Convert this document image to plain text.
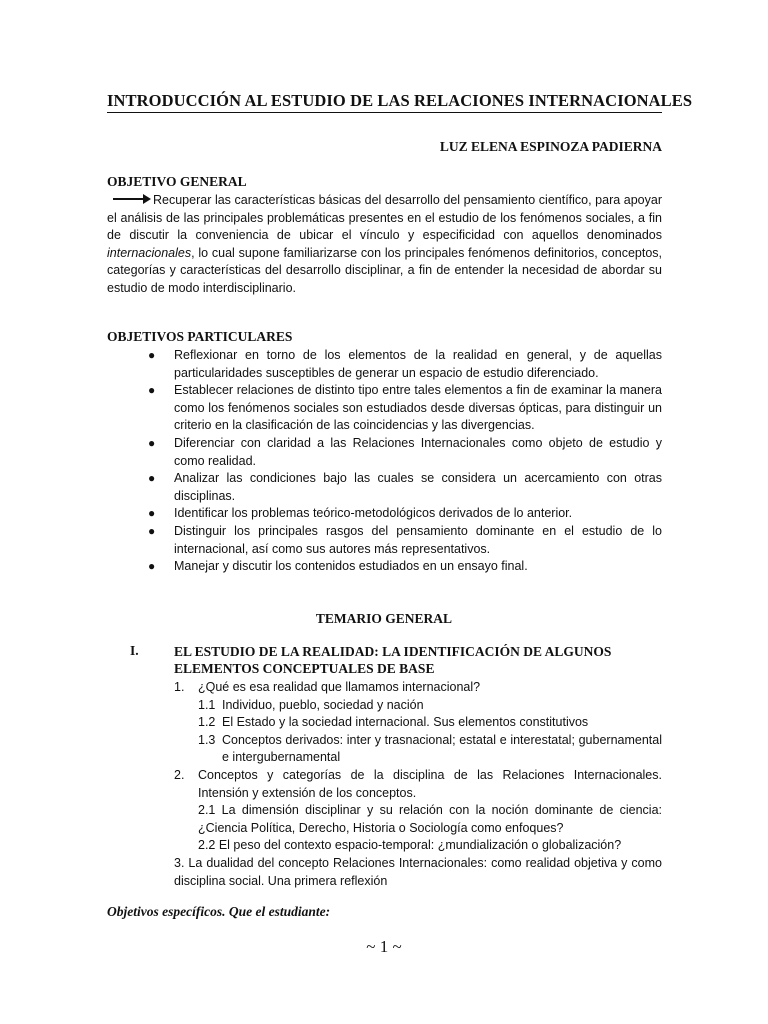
INTRODUCCIÓN AL ESTUDIO DE LAS RELACIONES INTERNACIONALES
LUZ ELENA ESPINOZA PADIERNA
OBJETIVO GENERAL
Recuperar las características básicas del desarrollo del pensamiento científico, para apoyar el análisis de las principales problemáticas presentes en el estudio de los fenómenos sociales, a fin de discutir la conveniencia de ubicar el vínculo y especificidad con aquellos denominados internacionales, lo cual supone familiarizarse con los principales fenómenos definitorios, conceptos, categorías y características del desarrollo disciplinar, a fin de entender la necesidad de abordar su estudio de modo interdisciplinario.
OBJETIVOS PARTICULARES
● Reflexionar en torno de los elementos de la realidad en general, y de aquellas particularidades susceptibles de generar un espacio de estudio diferenciado.
● Establecer relaciones de distinto tipo entre tales elementos a fin de examinar la manera como los fenómenos sociales son estudiados desde diversas ópticas, para distinguir un criterio en la clasificación de las coincidencias y las divergencias.
● Diferenciar con claridad a las Relaciones Internacionales como objeto de estudio y como realidad.
● Analizar las condiciones bajo las cuales se considera un acercamiento con otras disciplinas.
● Identificar los problemas teórico-metodológicos derivados de lo anterior.
● Distinguir los principales rasgos del pensamiento dominante en el estudio de lo internacional, así como sus autores más representativos.
● Manejar y discutir los contenidos estudiados en un ensayo final.
TEMARIO GENERAL
I.	EL ESTUDIO DE LA REALIDAD: LA IDENTIFICACIÓN DE ALGUNOS ELEMENTOS CONCEPTUALES DE BASE
1. ¿Qué es esa realidad que llamamos internacional?
1.1 Individuo, pueblo, sociedad y nación
1.2 El Estado y la sociedad internacional. Sus elementos constitutivos
1.3 Conceptos derivados: inter y trasnacional; estatal e interestatal; gubernamental e intergubernamental
2. Conceptos y categorías de la disciplina de las Relaciones Internacionales. Intensión y extensión de los conceptos.
2.1 La dimensión disciplinar y su relación con la noción dominante de ciencia: ¿Ciencia Política, Derecho, Historia o Sociología como enfoques?
2.2 El peso del contexto espacio-temporal: ¿mundialización o globalización?
3. La dualidad del concepto Relaciones Internacionales: como realidad objetiva y como disciplina social. Una primera reflexión
Objetivos específicos. Que el estudiante:
~ 1 ~
